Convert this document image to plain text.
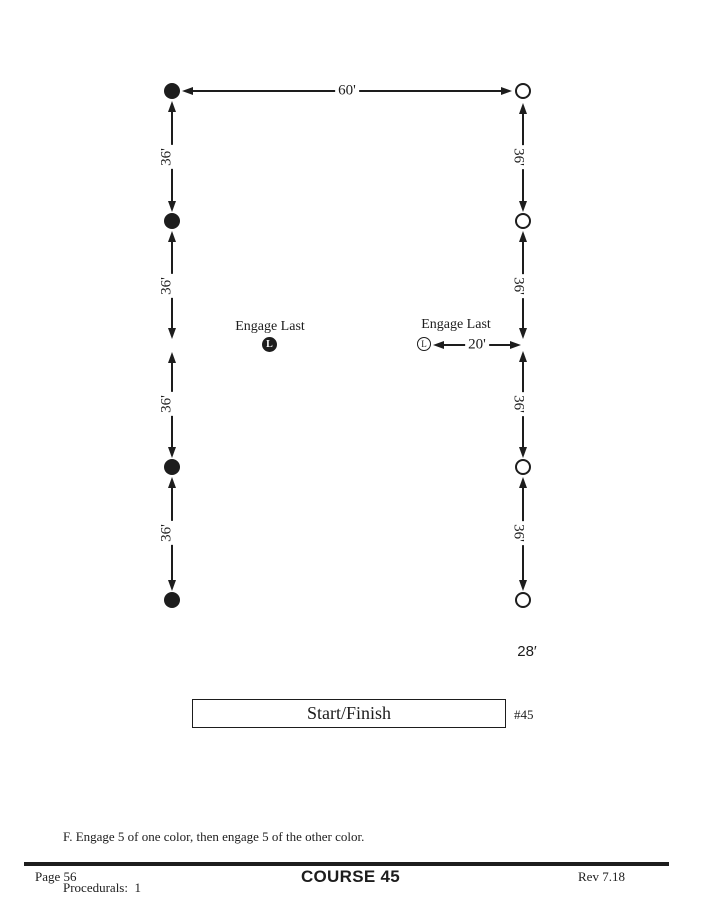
60'
36'
36'
36'
36'
36'
36'
36'
36'
Engage Last
L
Engage Last
L	20'
28′
Start/Finish	#45

F. Engage 5 of one color, then engage 5 of the other color.

Procedurals:  1

Page 56	COURSE 45	Rev 7.18
